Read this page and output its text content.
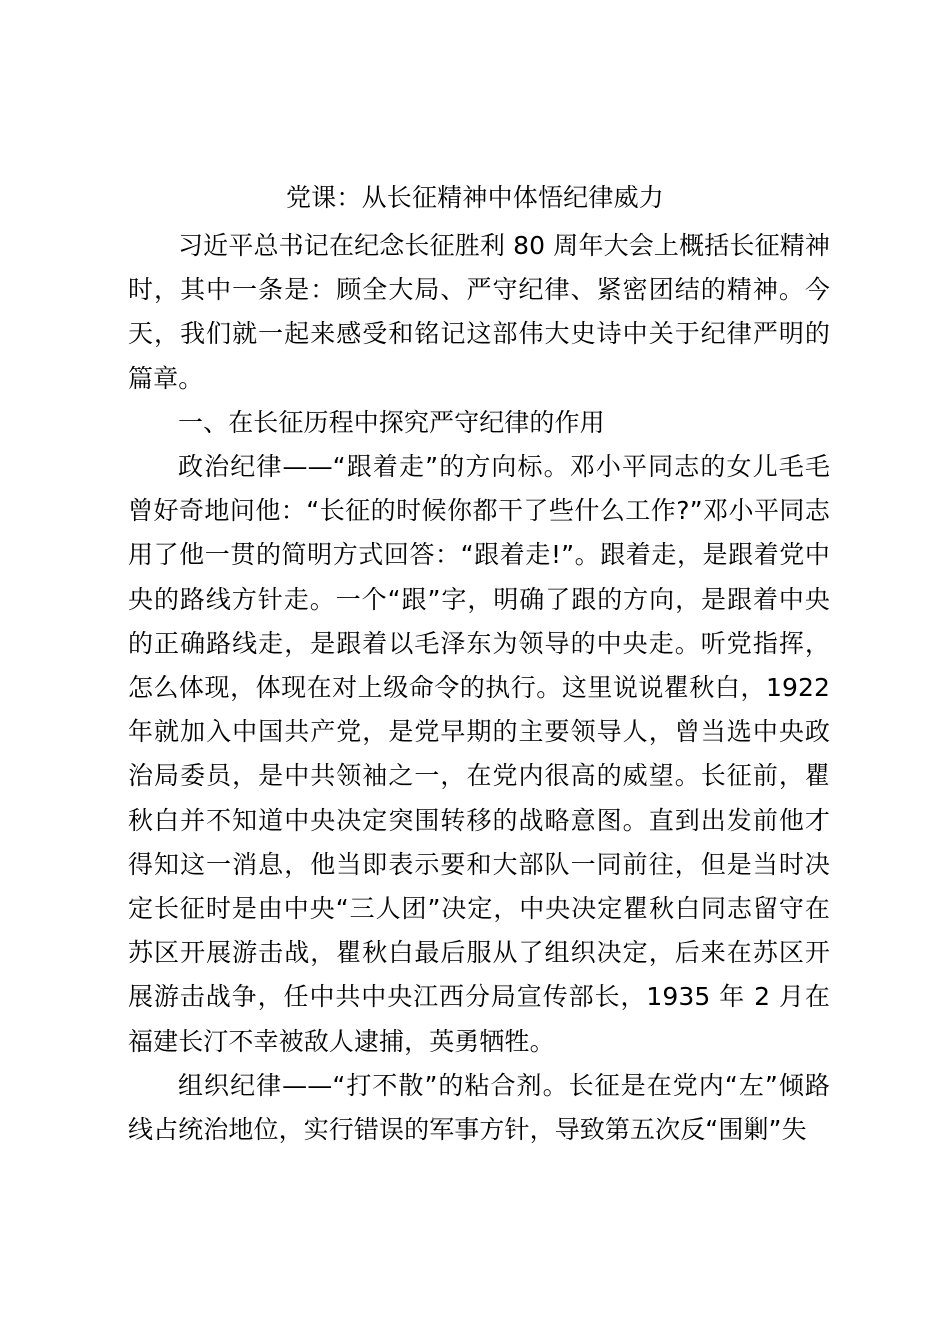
党课：从长征精神中体悟纪律威力

习近平总书记在纪念长征胜利 80 周年大会上概括长征精神时，其中一条是：顾全大局、严守纪律、紧密团结的精神。今天，我们就一起来感受和铭记这部伟大史诗中关于纪律严明的篇章。

一、在长征历程中探究严守纪律的作用

政治纪律——“跟着走”的方向标。邓小平同志的女儿毛毛曾好奇地问他：“长征的时候你都干了些什么工作?”邓小平同志用了他一贯的简明方式回答：“跟着走!”。跟着走，是跟着党中央的路线方针走。一个“跟”字，明确了跟的方向，是跟着中央的正确路线走，是跟着以毛泽东为领导的中央走。听党指挥，怎么体现，体现在对上级命令的执行。这里说说瞿秋白，1922 年就加入中国共产党，是党早期的主要领导人，曾当选中央政治局委员，是中共领袖之一，在党内很高的威望。长征前，瞿秋白并不知道中央决定突围转移的战略意图。直到出发前他才得知这一消息，他当即表示要和大部队一同前往，但是当时决定长征时是由中央“三人团”决定，中央决定瞿秋白同志留守在苏区开展游击战，瞿秋白最后服从了组织决定，后来在苏区开展游击战争，任中共中央江西分局宣传部长，1935 年 2 月在福建长汀不幸被敌人逮捕，英勇牺牲。

组织纪律——“打不散”的粘合剂。长征是在党内“左”倾路线占统治地位，实行错误的军事方针，导致第五次反“围剿”失
